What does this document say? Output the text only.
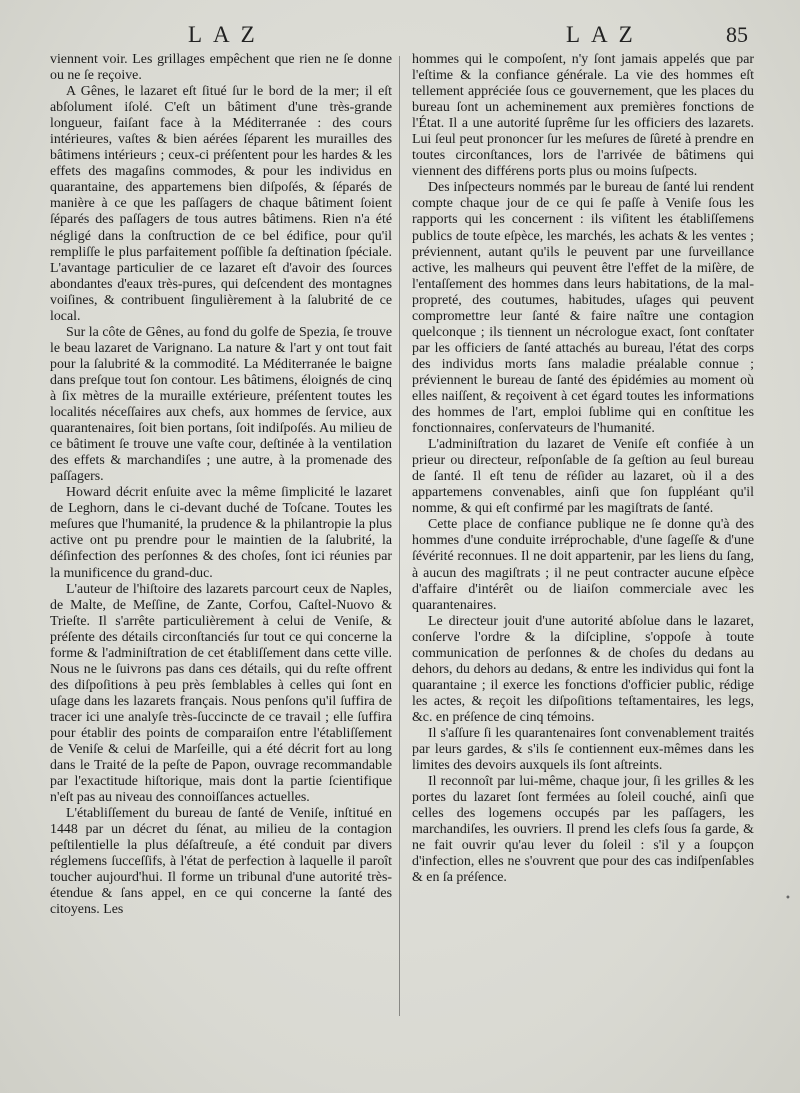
LAZ	LAZ	85

viennent voir. Les grillages empêchent que rien ne ſe donne ou ne ſe reçoive.

A Gênes, le lazaret eſt ſitué ſur le bord de la mer; il eſt abſolument iſolé. C'eſt un bâtiment d'une très-grande longueur, faiſant face à la Méditerranée : des cours intérieures, vaſtes & bien aérées ſéparent les murailles des bâtimens intérieurs ; ceux-ci préſentent pour les hardes & les effets des magaſins commodes, & pour les individus en quarantaine, des appartemens bien diſpoſés, & ſéparés de manière à ce que les paſſagers de chaque bâtiment ſoient ſéparés des paſſagers de tous autres bâtimens. Rien n'a été négligé dans la conſtruction de ce bel édifice, pour qu'il rempliſſe le plus parfaitement poſſible ſa deſtination ſpéciale. L'avantage particulier de ce lazaret eſt d'avoir des ſources abondantes d'eaux très-pures, qui deſcendent des montagnes voiſines, & contribuent ſingulièrement à la ſalubrité de ce local.

Sur la côte de Gênes, au fond du golfe de Spezia, ſe trouve le beau lazaret de Varignano. La nature & l'art y ont tout fait pour la ſalubrité & la commodité. La Méditerranée le baigne dans preſque tout ſon contour. Les bâtimens, éloignés de cinq à ſix mètres de la muraille extérieure, préſentent toutes les localités néceſſaires aux chefs, aux hommes de ſervice, aux quarantenaires, ſoit bien portans, ſoit indiſpoſés. Au milieu de ce bâtiment ſe trouve une vaſte cour, deſtinée à la ventilation des effets & marchandiſes ; une autre, à la promenade des paſſagers.

Howard décrit enſuite avec la même ſimplicité le lazaret de Leghorn, dans le ci-devant duché de Toſcane. Toutes les meſures que l'humanité, la prudence & la philantropie la plus active ont pu prendre pour le maintien de la ſalubrité, la déſinfection des perſonnes & des choſes, ſont ici réunies par la munificence du grand-duc.

L'auteur de l'hiſtoire des lazarets parcourt ceux de Naples, de Malte, de Meſſine, de Zante, Corfou, Caſtel-Nuovo & Trieſte. Il s'arrête particulièrement à celui de Veniſe, & préſente des détails circonſtanciés ſur tout ce qui concerne la forme & l'adminiſtration de cet établiſſement dans cette ville. Nous ne le ſuivrons pas dans ces détails, qui du reſte offrent des diſpoſitions à peu près ſemblables à celles qui ſont en uſage dans les lazarets français. Nous penſons qu'il ſuffira de tracer ici une analyſe très-ſuccincte de ce travail ; elle ſuffira pour établir des points de comparaiſon entre l'établiſſement de Veniſe & celui de Marſeille, qui a été décrit fort au long dans le Traité de la peſte de Papon, ouvrage recommandable par l'exactitude hiſtorique, mais dont la partie ſcientifique n'eſt pas au niveau des connoiſſances actuelles.

L'établiſſement du bureau de ſanté de Veniſe, inſtitué en 1448 par un décret du ſénat, au milieu de la contagion peſtilentielle la plus déſaſtreuſe, a été conduit par divers réglemens ſucceſſifs, à l'état de perfection à laquelle il paroît toucher aujourd'hui. Il forme un tribunal d'une autorité très-étendue & ſans appel, en ce qui concerne la ſanté des citoyens. Les

hommes qui le compoſent, n'y ſont jamais appelés que par l'eſtime & la confiance générale. La vie des hommes eſt tellement appréciée ſous ce gouvernement, que les places du bureau ſont un acheminement aux premières fonctions de l'État. Il a une autorité ſuprême ſur les officiers des lazarets. Lui ſeul peut prononcer ſur les meſures de ſûreté à prendre en toutes circonſtances, lors de l'arrivée de bâtimens qui viennent des différens ports plus ou moins ſuſpects.

Des inſpecteurs nommés par le bureau de ſanté lui rendent compte chaque jour de ce qui ſe paſſe à Veniſe ſous les rapports qui les concernent : ils viſitent les établiſſemens publics de toute eſpèce, les marchés, les achats & les ventes ; préviennent, autant qu'ils le peuvent par une ſurveillance active, les malheurs qui peuvent être l'effet de la miſère, de l'entaſſement des hommes dans leurs habitations, de la mal-propreté, des coutumes, habitudes, uſages qui peuvent compromettre leur ſanté & faire naître une contagion quelconque ; ils tiennent un nécrologue exact, ſont conſtater par les officiers de ſanté attachés au bureau, l'état des corps des individus morts ſans maladie préalable connue ; préviennent le bureau de ſanté des épidémies au moment où elles naiſſent, & reçoivent à cet égard toutes les informations des hommes de l'art, emploi ſublime qui en conſtitue les fonctionnaires, conſervateurs de l'humanité.

L'adminiſtration du lazaret de Veniſe eſt confiée à un prieur ou directeur, reſponſable de ſa geſtion au ſeul bureau de ſanté. Il eſt tenu de réſider au lazaret, où il a des appartemens convenables, ainſi que ſon ſuppléant qu'il nomme, & qui eſt confirmé par les magiſtrats de ſanté.

Cette place de confiance publique ne ſe donne qu'à des hommes d'une conduite irréprochable, d'une ſageſſe & d'une ſévérité reconnues. Il ne doit appartenir, par les liens du ſang, à aucun des magiſtrats ; il ne peut contracter aucune eſpèce d'affaire d'intérêt ou de liaiſon commerciale avec les quarantenaires.

Le directeur jouit d'une autorité abſolue dans le lazaret, conſerve l'ordre & la diſcipline, s'oppoſe à toute communication de perſonnes & de choſes du dedans au dehors, du dehors au dedans, & entre les individus qui font la quarantaine ; il exerce les fonctions d'officier public, rédige les actes, & reçoit les diſpoſitions teſtamentaires, les legs, &c. en préſence de cinq témoins.

Il s'aſſure ſi les quarantenaires ſont convenablement traités par leurs gardes, & s'ils ſe contiennent eux-mêmes dans les limites des devoirs auxquels ils ſont aſtreints.

Il reconnoît par lui-même, chaque jour, ſi les grilles & les portes du lazaret ſont fermées au ſoleil couché, ainſi que celles des logemens occupés par les paſſagers, les marchandiſes, les ouvriers. Il prend les clefs ſous ſa garde, & ne fait ouvrir qu'au lever du ſoleil : s'il y a ſoupçon d'infection, elles ne s'ouvrent que pour des cas indiſpenſables & en ſa préſence.

•
